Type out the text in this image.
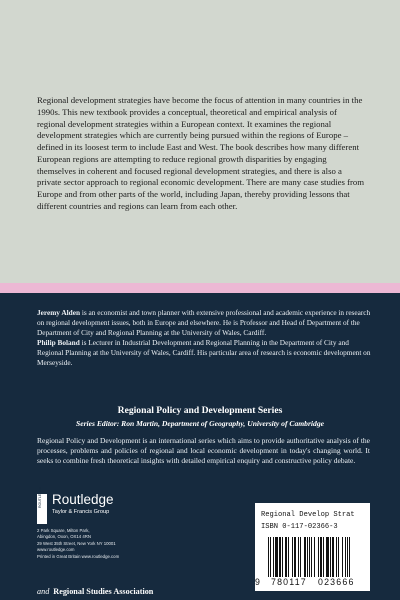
Regional development strategies have become the focus of attention in many countries in the 1990s. This new textbook provides a conceptual, theoretical and empirical analysis of regional development strategies within a European context. It examines the regional development strategies which are currently being pursued within the regions of Europe – defined in its loosest term to include East and West. The book describes how many different European regions are attempting to reduce regional growth disparities by engaging themselves in coherent and focused regional development strategies, and there is also a private sector approach to regional economic development. There are many case studies from Europe and from other parts of the world, including Japan, thereby providing lessons that different countries and regions can learn from each other.

Jeremy Alden is an economist and town planner with extensive professional and academic experience in research on regional development issues, both in Europe and elsewhere. He is Professor and Head of Department of the Department of City and Regional Planning at the University of Wales, Cardiff.
Philip Boland is Lecturer in Industrial Development and Regional Planning in the Department of City and Regional Planning at the University of Wales, Cardiff. His particular area of research is economic development on Merseyside.
Regional Policy and Development Series
Series Editor: Ron Martin, Department of Geography, University of Cambridge

Regional Policy and Development is an international series which aims to provide authoritative analysis of the processes, problems and policies of regional and local economic development in today's changing world. It seeks to combine fresh theoretical insights with detailed empirical enquiry and constructive policy debate.

ROUTLEDGE Routledge
Taylor & Francis Group
2 Park Square, Milton Park,
Abingdon, Oxon, OX14 4RN
29 West 35th Street, New York NY 10001
www.routledge.com
Printed in Great Britain www.routledge.com
and Regional Studies Association
Regional Develop Strat
ISBN 0-117-02366-3
9 780117 023666
